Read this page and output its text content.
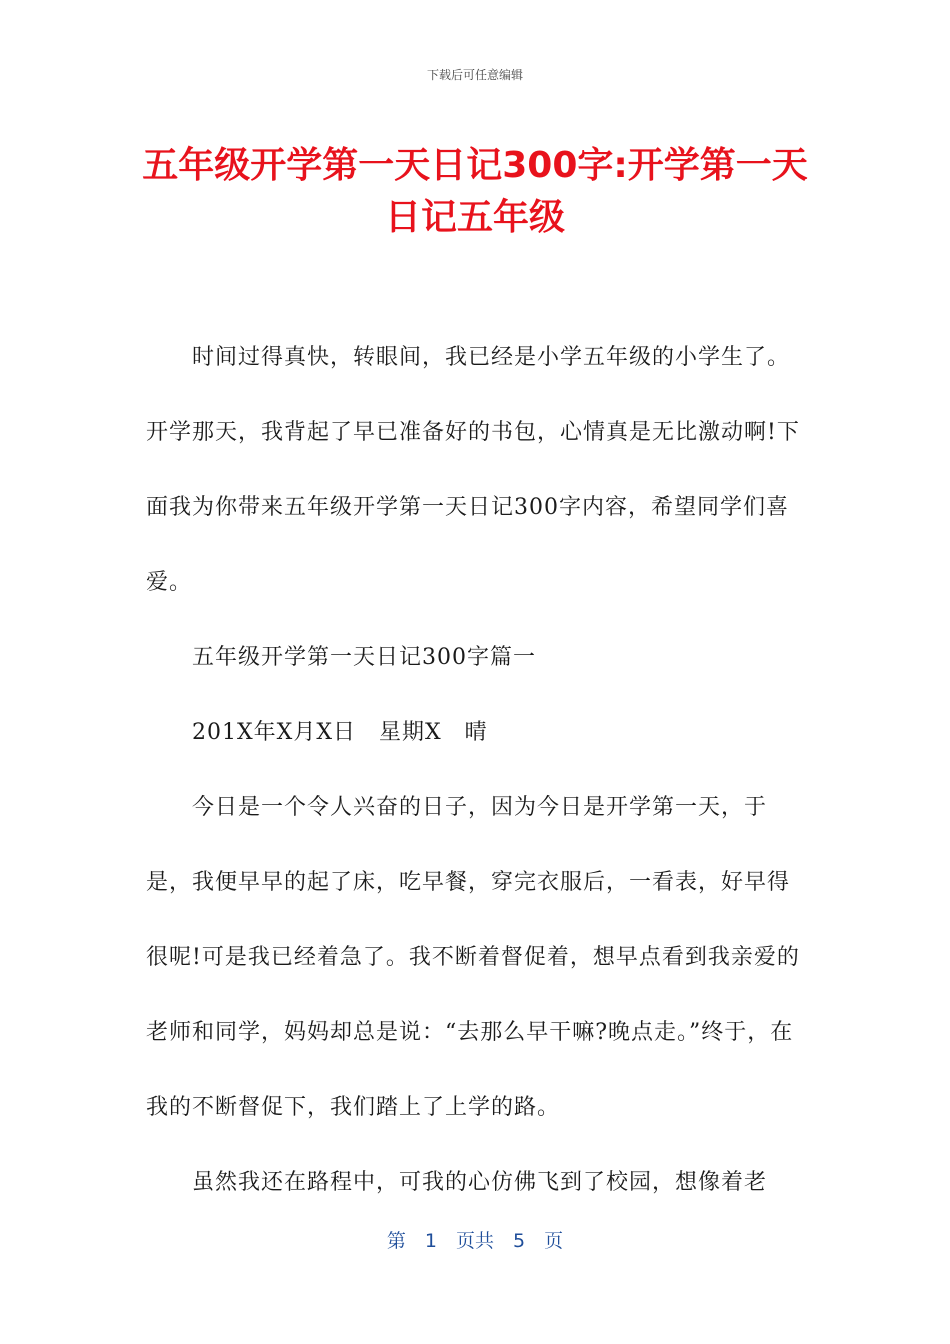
下载后可任意编辑
五年级开学第一天日记300字:开学第一天日记五年级

时间过得真快，转眼间，我已经是小学五年级的小学生了。开学那天，我背起了早已准备好的书包，心情真是无比激动啊!下面我为你带来五年级开学第一天日记300字内容，希望同学们喜爱。

五年级开学第一天日记300字篇一

201X年X月X日　星期X　晴

今日是一个令人兴奋的日子，因为今日是开学第一天，于是，我便早早的起了床，吃早餐，穿完衣服后，一看表，好早得很呢!可是我已经着急了。我不断着督促着，想早点看到我亲爱的老师和同学，妈妈却总是说：“去那么早干嘛?晚点走。”终于，在我的不断督促下，我们踏上了上学的路。

虽然我还在路程中，可我的心仿佛飞到了校园，想像着老

第　1　页共　5　页
